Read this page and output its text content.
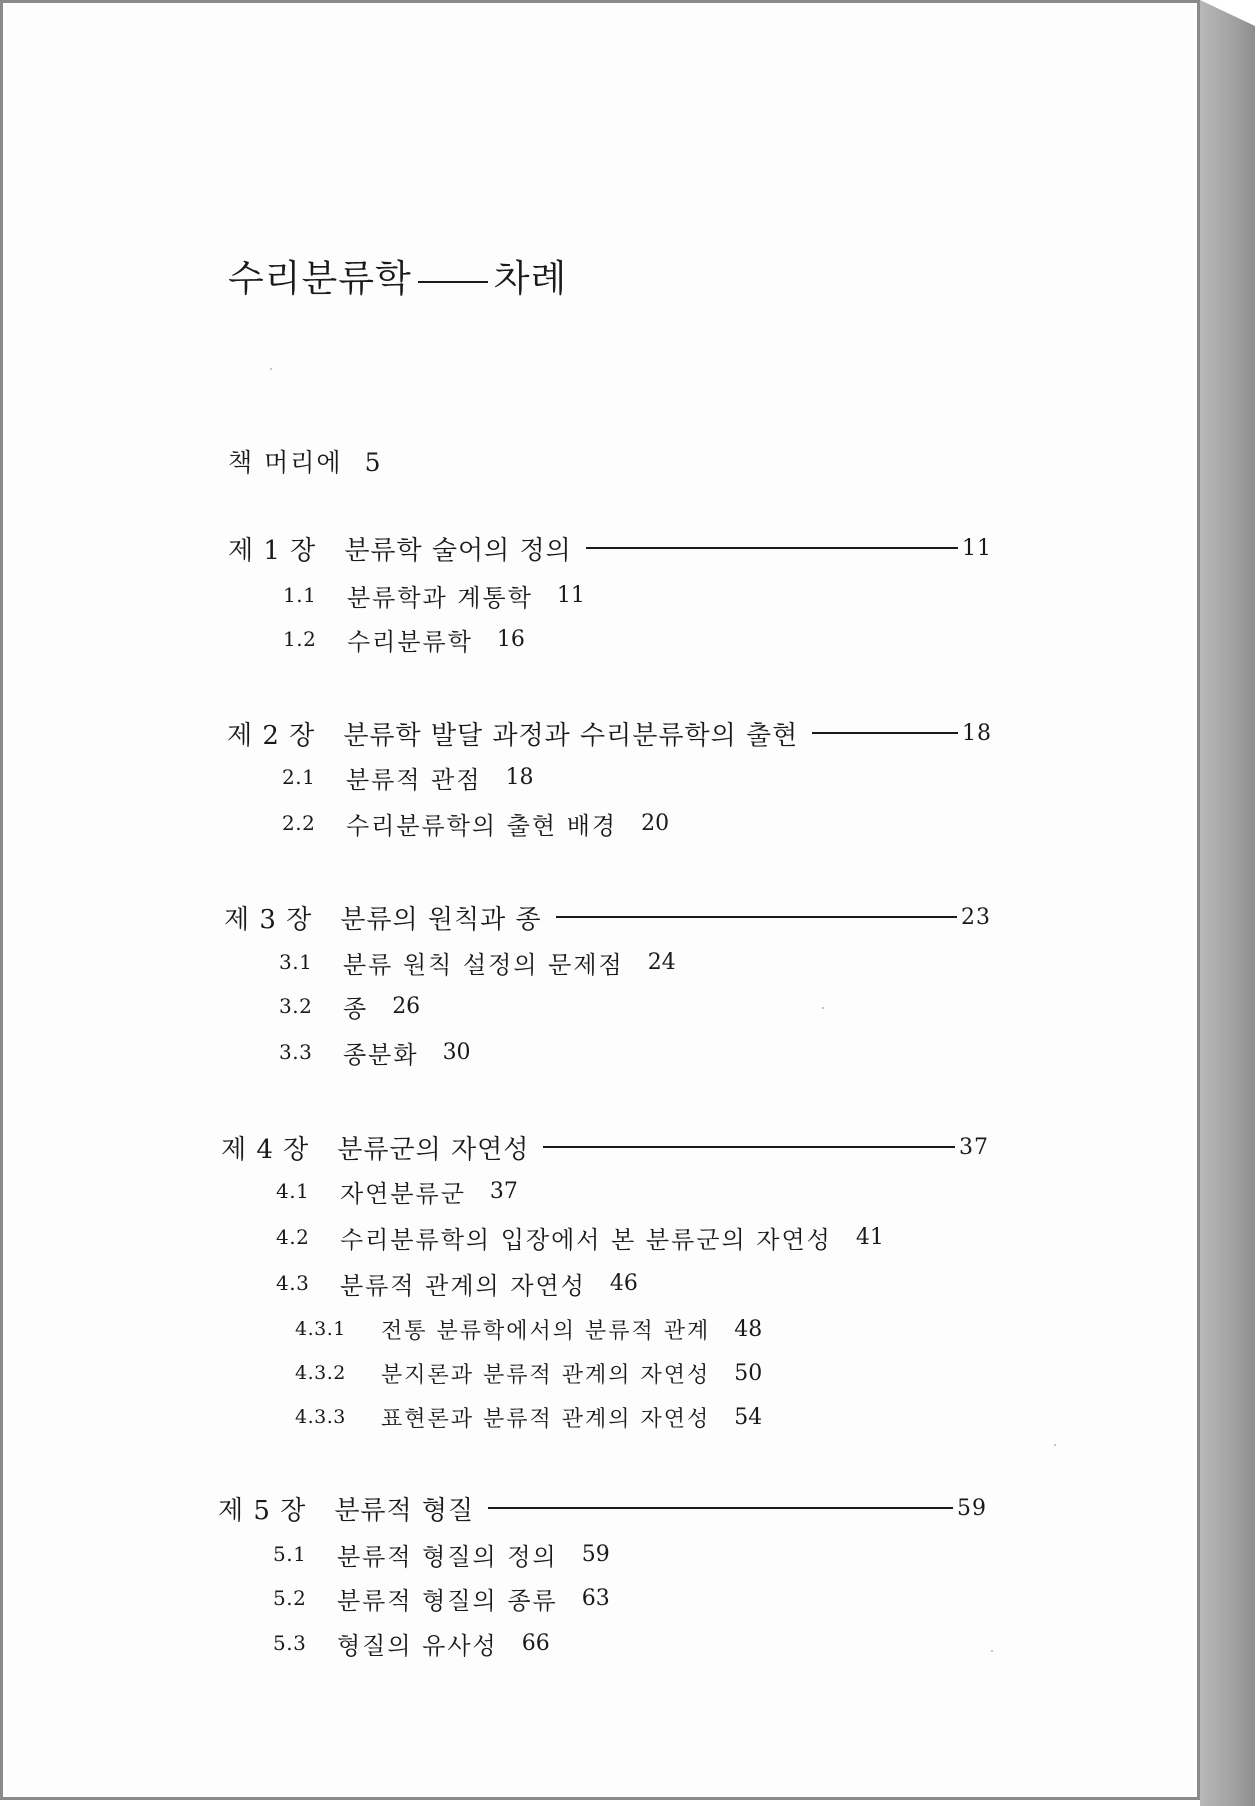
수리분류학 차례
책 머리에 5
제 1 장 분류학 술어의 정의	11
1.1	분류학과 계통학 11
1.2	수리분류학 16
제 2 장 분류학 발달 과정과 수리분류학의 출현	18
2.1	분류적 관점 18
2.2	수리분류학의 출현 배경 20
제 3 장 분류의 원칙과 종	23
3.1	분류 원칙 설정의 문제점 24
3.2	종 26
3.3	종분화 30
제 4 장 분류군의 자연성	37
4.1	자연분류군 37
4.2	수리분류학의 입장에서 본 분류군의 자연성 41
4.3	분류적 관계의 자연성 46
4.3.1	전통 분류학에서의 분류적 관계 48
4.3.2	분지론과 분류적 관계의 자연성 50
4.3.3	표현론과 분류적 관계의 자연성 54
제 5 장 분류적 형질	59
5.1	분류적 형질의 정의 59
5.2	분류적 형질의 종류 63
5.3	형질의 유사성 66
